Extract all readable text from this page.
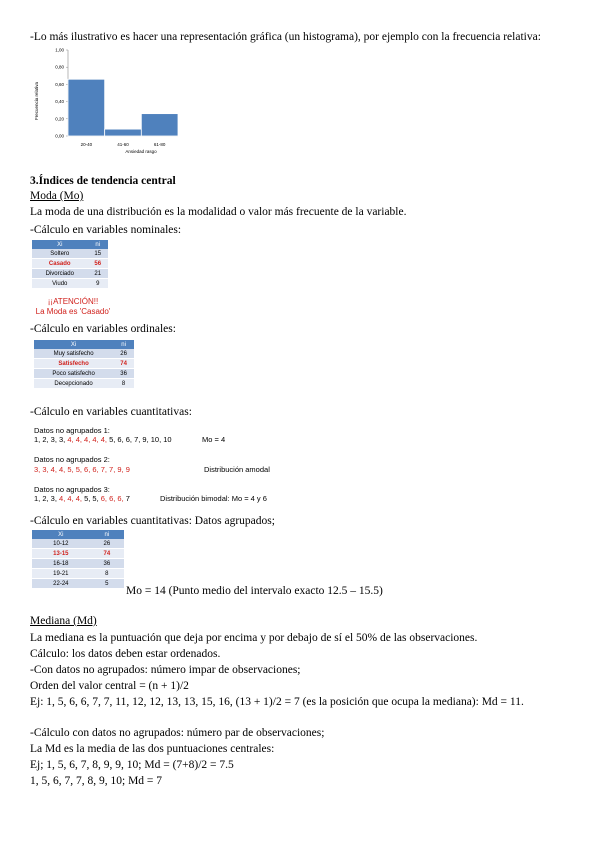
-Lo más ilustrativo es hacer una representación gráfica (un histograma), por ejemplo con la frecuencia relativa:
Frecuencia relativa
Ansiedad rasgo
0,00
0,20
0,40
0,60
0,80
1,00
20-40	41-60	61-80
3.Índices de tendencia central
Moda (Mo)
La moda de una distribución es la modalidad o valor más frecuente de la variable.
-Cálculo en variables nominales:
Xi	ni
Soltero	15
Casado	56
Divorciado	21
Viudo	9
¡¡ATENCIÓN!!
La Moda es 'Casado'
-Cálculo en variables ordinales:
Xi	ni
Muy satisfecho	26
Satisfecho	74
Poco satisfecho	36
Decepcionado	8
-Cálculo en variables cuantitativas:
Datos no agrupados 1:
1, 2, 3, 3, 4, 4, 4, 4, 4, 5, 6, 6, 7, 9, 10, 10	Mo = 4
Datos no agrupados 2:
3, 3, 4, 4, 5, 5, 6, 6, 7, 7, 9, 9	Distribución amodal
Datos no agrupados 3:
1, 2, 3, 4, 4, 4, 5, 5, 6, 6, 6, 7	Distribución bimodal: Mo = 4 y 6
-Cálculo en variables cuantitativas: Datos agrupados;
Xi	ni
10-12	26
13-15	74
16-18	36
19-21	8
22-24	5
Mo = 14 (Punto medio del intervalo exacto 12.5 – 15.5)
Mediana (Md)
La mediana es la puntuación que deja por encima y por debajo de sí el 50% de las observaciones.
Cálculo: los datos deben estar ordenados.
-Con datos no agrupados: número impar de observaciones;
Orden del valor central = (n + 1)/2
Ej: 1, 5, 6, 6, 7, 7, 11, 12, 12, 13, 13, 15, 16, (13 + 1)/2 = 7 (es la posición que ocupa la mediana): Md = 11.
-Cálculo con datos no agrupados: número par de observaciones;
La Md es la media de las dos puntuaciones centrales:
Ej; 1, 5, 6, 7, 8, 9, 9, 10; Md = (7+8)/2 = 7.5
1, 5, 6, 7, 7, 8, 9, 10; Md = 7
